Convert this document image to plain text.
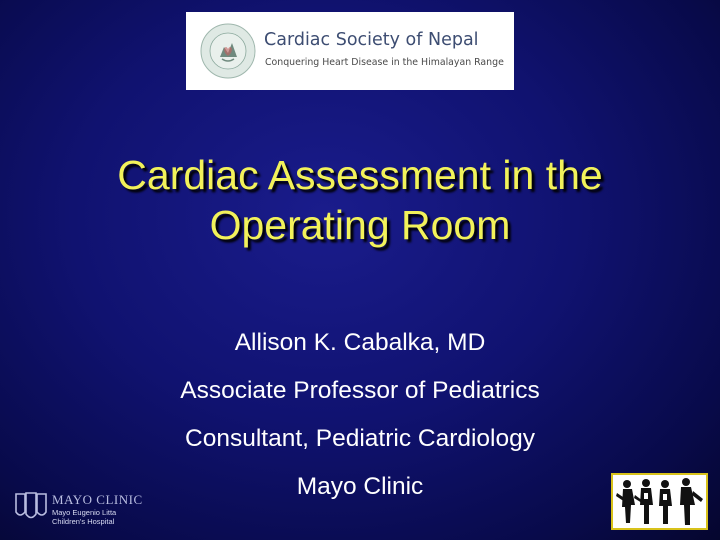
Cardiac Society of Nepal
Conquering Heart Disease in the Himalayan Range
Cardiac Assessment in the
Operating Room
Allison K. Cabalka, MD
Associate Professor of Pediatrics
Consultant, Pediatric Cardiology
Mayo Clinic
MAYO CLINIC
Mayo Eugenio Litta
Children's Hospital
